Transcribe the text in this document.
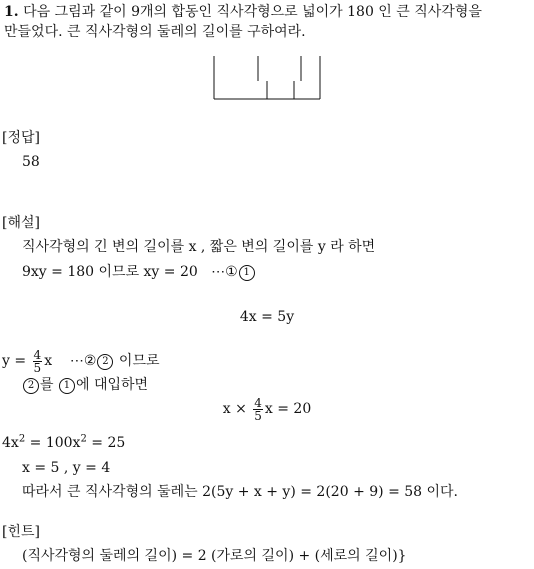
1. 다음 그림과 같이 9개의 합동인 직사각형으로 넓이가 180 인 큰 직사각형을
만들었다. 큰 직사각형의 둘레의 길이를 구하여라.
[정답]
58
[해설]
직사각형의 긴 변의 길이를 x , 짧은 변의 길이를 y 라 하면
9xy = 180 이므로 xy = 20 ⋯① 1
4x = 5y
$y = \frac{4}{5}$ x ⋯② 2 이므로
2 를 1 에 대입하면
$x \times \frac{4}{5}$ x = 20
$4x^2 = 100x^2 = 25$
x = 5 , y = 4
따라서 큰 직사각형의 둘레는 2(5y + x + y) = 2(20 + 9) = 58 이다.
[힌트]
(직사각형의 둘레의 길이) = 2 (가로의 길이) + (세로의 길이)}
